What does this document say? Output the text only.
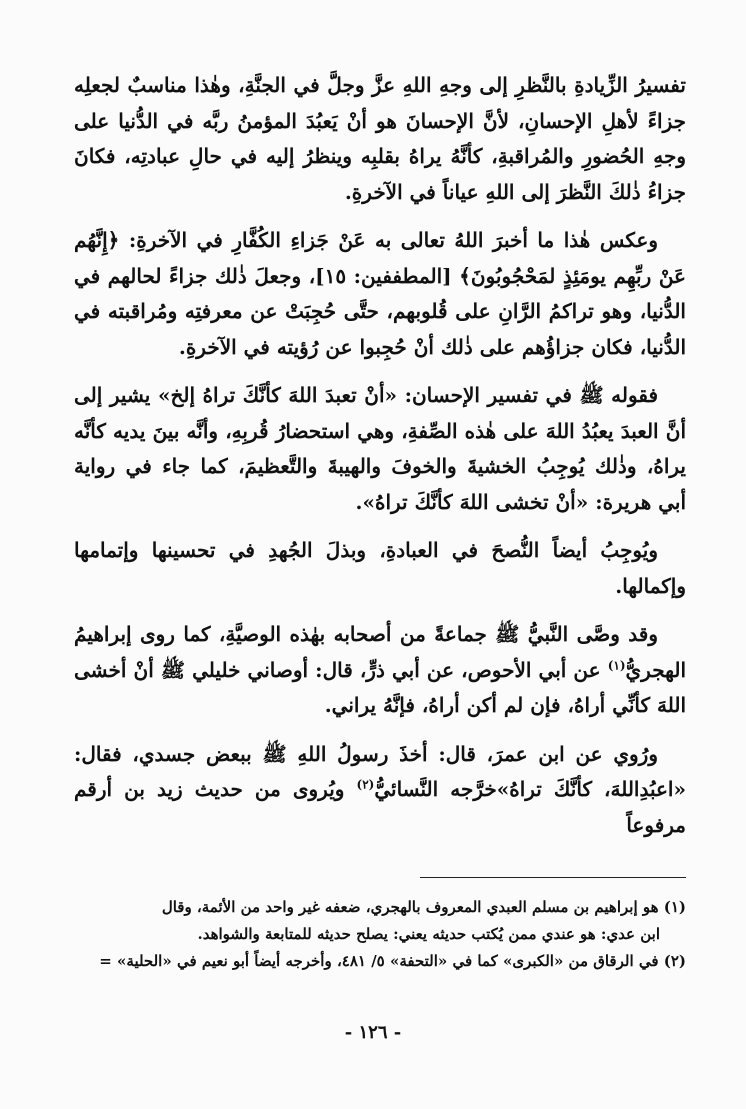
تفسيرُ الزِّيادةِ بالنَّظرِ إلى وجهِ اللهِ عزَّ وجلَّ في الجنَّةِ، وهٰذا مناسبٌ لجعلِه جزاءً لأهلِ الإحسانِ، لأنَّ الإحسانَ هو أنْ يَعبُدَ المؤمنُ ربَّه في الدُّنيا على وجهِ الحُضورِ والمُراقبةِ، كأنَّهُ يراهُ بقلبِه وينظرُ إليه في حالِ عبادتِه، فكانَ جزاءُ ذٰلكَ النَّظرَ إلى اللهِ عياناً في الآخرةِ.

وعكس هٰذا ما أخبرَ اللهُ تعالى به عَنْ جَزاءِ الكُفَّارِ في الآخرةِ: ﴿إِنَّهُم عَنْ ربِّهِم يومَئِذٍ لمَحْجُوبُونَ﴾ [المطففين: ١٥]، وجعلَ ذٰلك جزاءً لحالهم في الدُّنيا، وهو تراكمُ الرَّانِ على قُلوبهم، حتَّى حُجِبَتْ عن معرفتِه ومُراقبته في الدُّنيا، فكان جزاؤُهم على ذٰلك أنْ حُجِبوا عن رُؤيته في الآخرةِ.

فقوله ﷺ في تفسير الإحسان: «أنْ تعبدَ اللهَ كأنَّكَ تراهُ إلخ» يشير إلى أنَّ العبدَ يعبُدُ اللهَ على هٰذه الصِّفةِ، وهي استحضارُ قُربِهِ، وأنَّه بينَ يديه كأنَّه يراهُ، وذٰلك يُوجِبُ الخشيةَ والخوفَ والهيبةَ والتَّعظيمَ، كما جاء في رواية أبي هريرة: «أنْ تخشى اللهَ كأنَّكَ تراهُ».

ويُوجِبُ أيضاً النُّصحَ في العبادةِ، وبذلَ الجُهدِ في تحسينها وإتمامها وإكمالها.

وقد وصَّى النَّبيُّ ﷺ جماعةً من أصحابه بهٰذه الوصيَّةِ، كما روى إبراهيمُ الهجريُّ$^{(١)}$ عن أبي الأحوص، عن أبي ذرٍّ، قال: أوصاني خليلي ﷺ أنْ أخشى اللهَ كأنِّي أراهُ، فإن لم أكن أراهُ، فإنَّهُ يراني.

ورُوي عن ابن عمرَ، قال: أخذَ رسولُ اللهِ ﷺ ببعض جسدي، فقال: «اعبُدِاللهَ، كأنَّكَ تراهُ»خرَّجه النَّسائيُّ$^{(٢)}$ ويُروى من حديث زيد بن أرقم مرفوعاً

(١) هو إبراهيم بن مسلم العبدي المعروف بالهجري، ضعفه غير واحد من الأئمة، وقال

ابن عدي: هو عندي ممن يُكتب حديثه يعني: يصلح حديثه للمتابعة والشواهد.

(٢) في الرقاق من «الكبرى» كما في «التحفة» ٥/ ٤٨١، وأخرجه أيضاً أبو نعيم في «الحلية» =

- ١٢٦ -
